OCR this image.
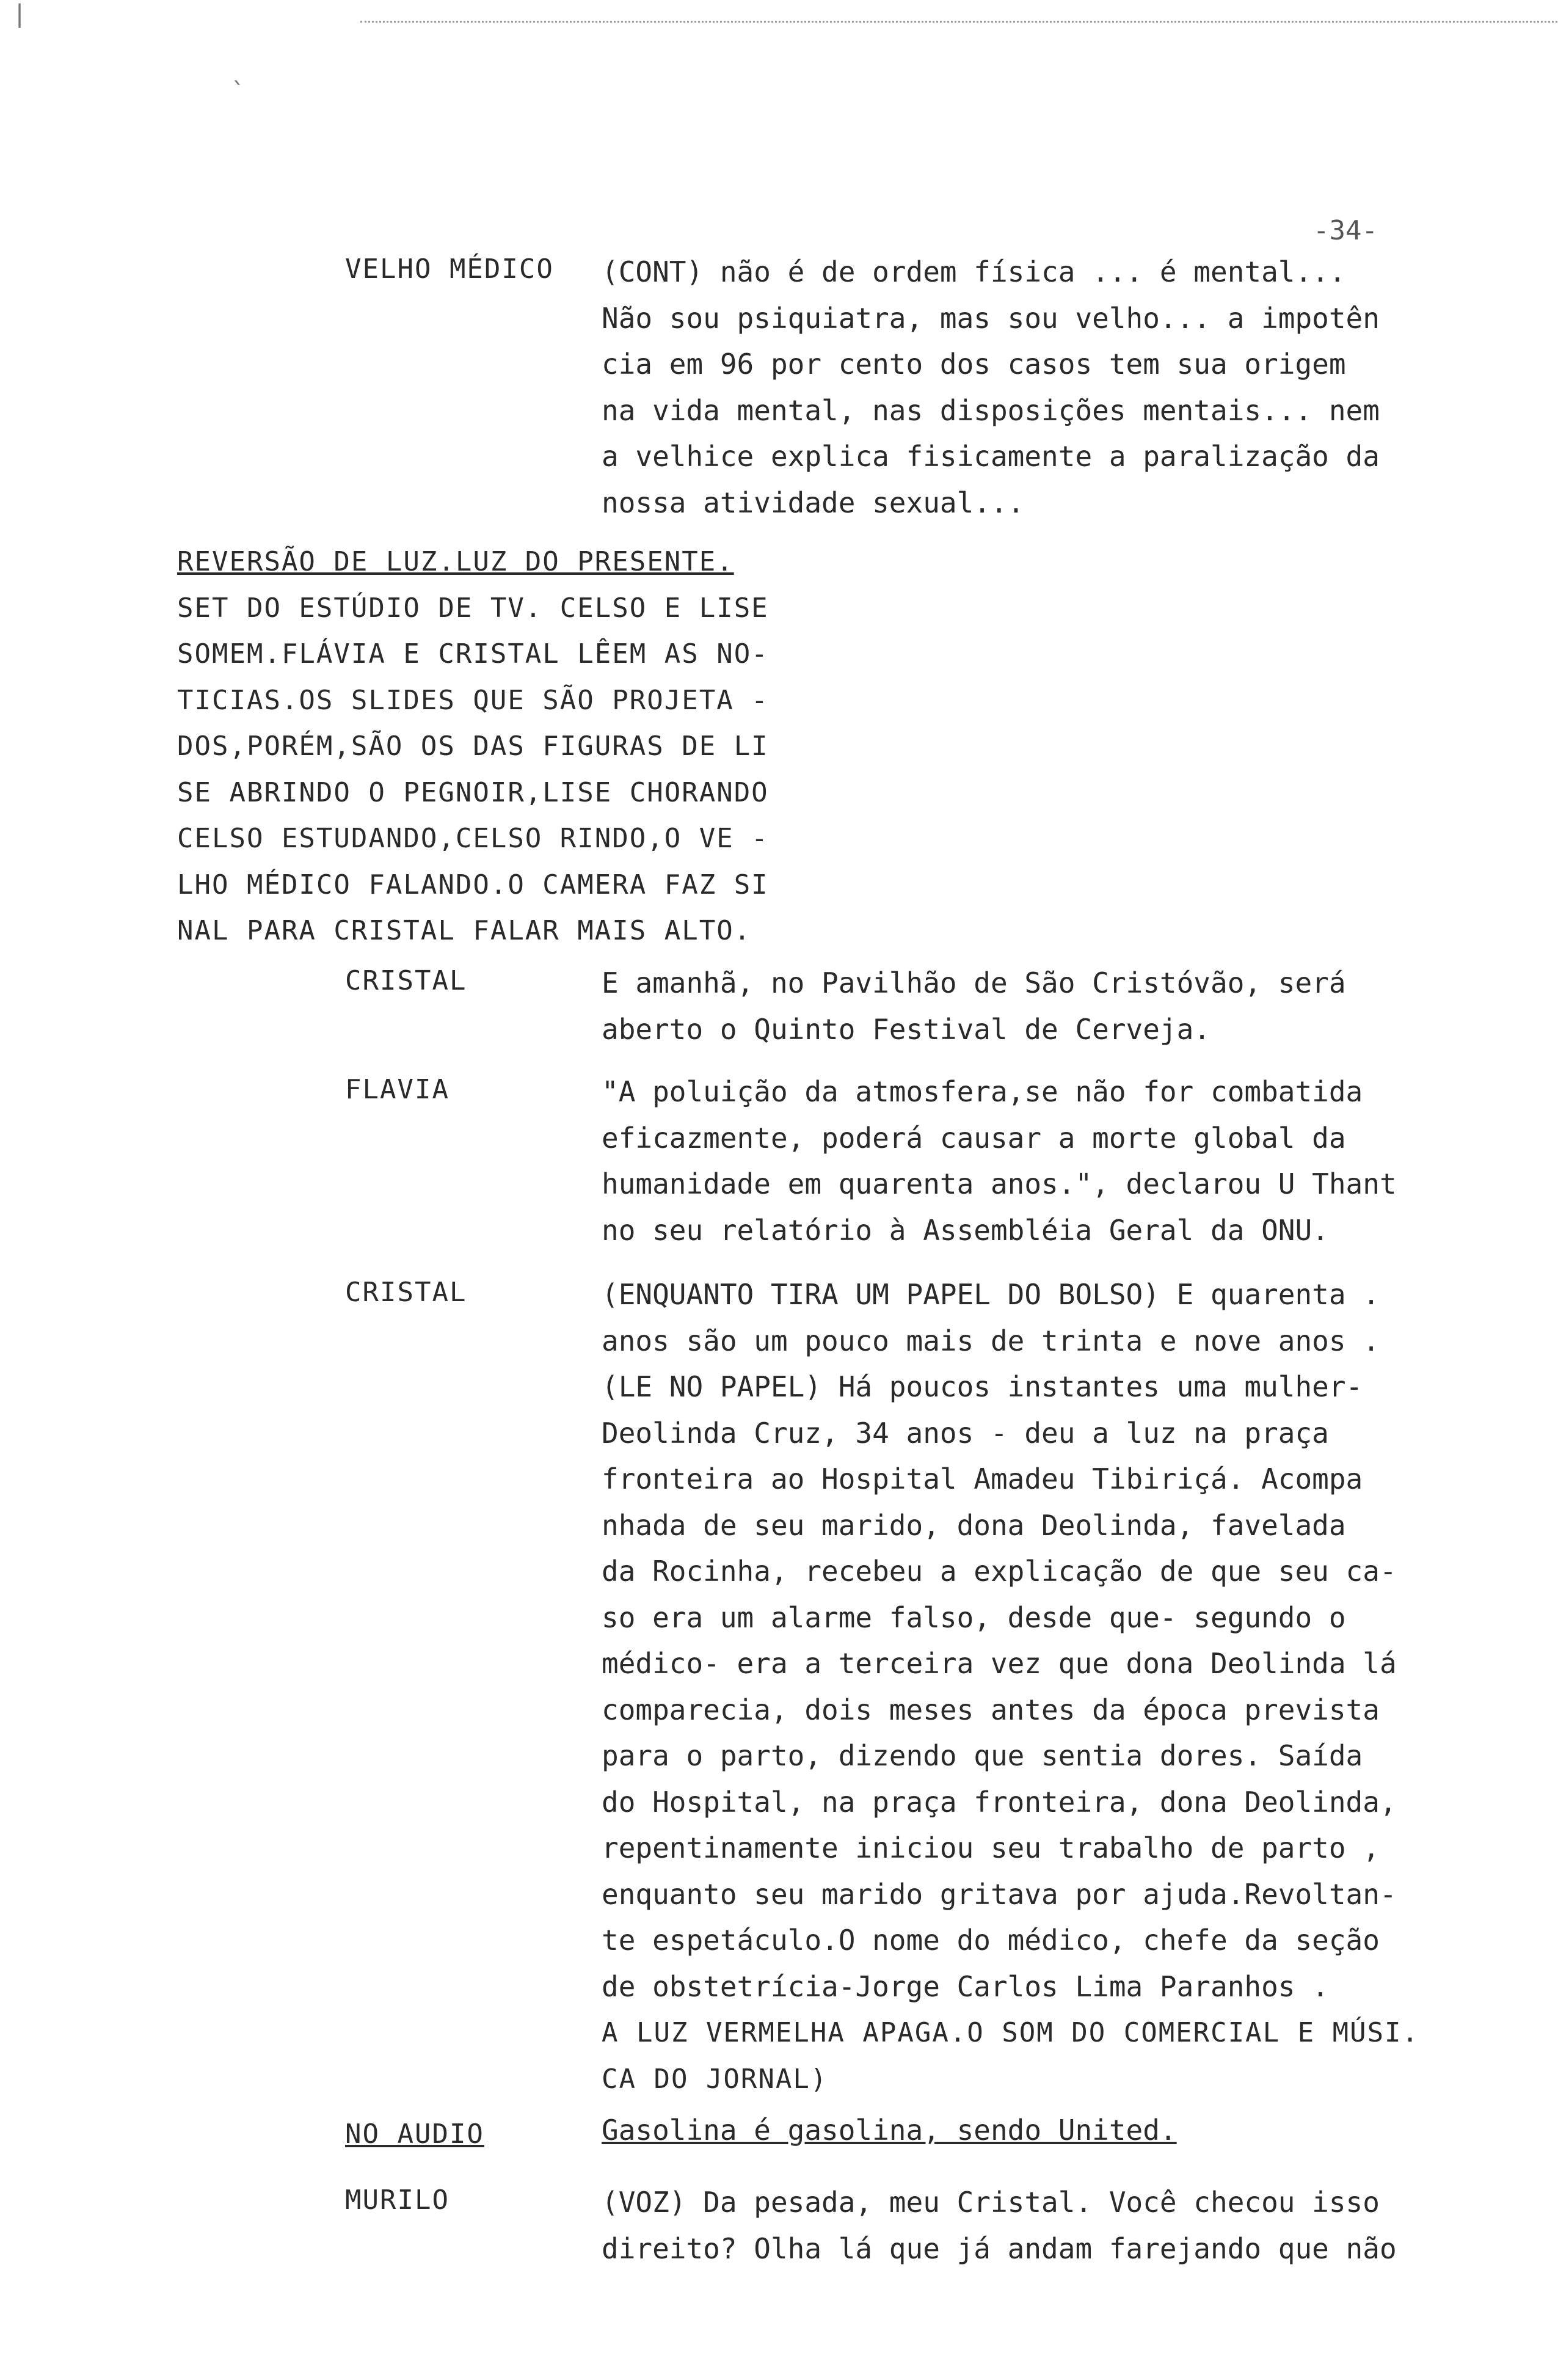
`
|
-34-
VELHO MÉDICO (CONT) não é de ordem física ... é mental...
Não sou psiquiatra, mas sou velho... a impotên
cia em 96 por cento dos casos tem sua origem
na vida mental, nas disposições mentais... nem
a velhice explica fisicamente a paralização da
nossa atividade sexual...
REVERSÃO DE LUZ.LUZ DO PRESENTE.
SET DO ESTÚDIO DE TV. CELSO E LISE
SOMEM.FLÁVIA E CRISTAL LÊEM AS NO-
TICIAS.OS SLIDES QUE SÃO PROJETA -
DOS,PORÉM,SÃO OS DAS FIGURAS DE LI
SE ABRINDO O PEGNOIR,LISE CHORANDO
CELSO ESTUDANDO,CELSO RINDO,O VE -
LHO MÉDICO FALANDO.O CAMERA FAZ SI
NAL PARA CRISTAL FALAR MAIS ALTO.
CRISTAL	E amanhã, no Pavilhão de São Cristóvão, será
aberto o Quinto Festival de Cerveja.
FLAVIA	"A poluição da atmosfera,se não for combatida
eficazmente, poderá causar a morte global da
humanidade em quarenta anos.", declarou U Thant
no seu relatório à Assembléia Geral da ONU.
CRISTAL	(ENQUANTO TIRA UM PAPEL DO BOLSO) E quarenta .
anos são um pouco mais de trinta e nove anos .
(LE NO PAPEL) Há poucos instantes uma mulher-
Deolinda Cruz, 34 anos - deu a luz na praça
fronteira ao Hospital Amadeu Tibiriçá. Acompa
nhada de seu marido, dona Deolinda, favelada
da Rocinha, recebeu a explicação de que seu ca-
so era um alarme falso, desde que- segundo o
médico- era a terceira vez que dona Deolinda lá
comparecia, dois meses antes da época prevista
para o parto, dizendo que sentia dores. Saída
do Hospital, na praça fronteira, dona Deolinda,
repentinamente iniciou seu trabalho de parto ,
enquanto seu marido gritava por ajuda.Revoltan-
te espetáculo.O nome do médico, chefe da seção
de obstetrícia-Jorge Carlos Lima Paranhos .
A LUZ VERMELHA APAGA.O SOM DO COMERCIAL E MÚSI.
CA DO JORNAL)
NO AUDIO	Gasolina é gasolina, sendo United.
MURILO	(VOZ) Da pesada, meu Cristal. Você checou isso
direito? Olha lá que já andam farejando que não
